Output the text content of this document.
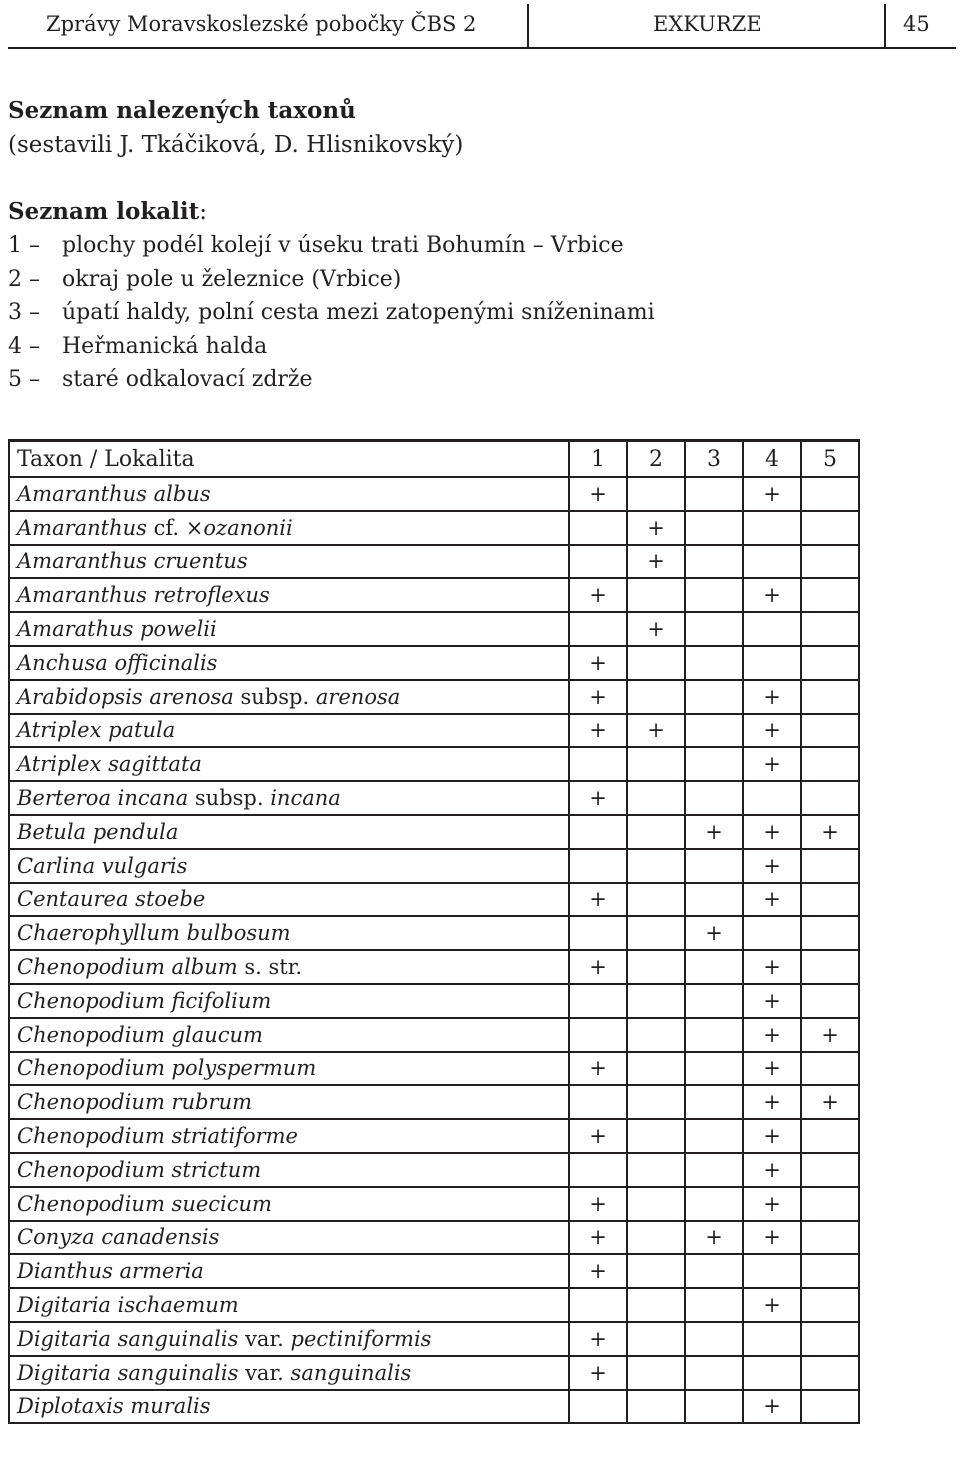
Zprávy Moravskoslezské pobočky ČBS 2	EXKURZE	45
Seznam nalezených taxonů
(sestavili J. Tkáčiková, D. Hlisnikovský)
Seznam lokalit:
1 – plochy podél kolejí v úseku trati Bohumín – Vrbice
2 – okraj pole u železnice (Vrbice)
3 – úpatí haldy, polní cesta mezi zatopenými sníženinami
4 – Heřmanická halda
5 – staré odkalovací zdrže
Taxon / Lokalita	1	2	3	4	5
Amaranthus albus	+			+	
Amaranthus cf. ×ozanonii		+			
Amaranthus cruentus		+			
Amaranthus retroflexus	+			+	
Amarathus powelii		+			
Anchusa officinalis	+				
Arabidopsis arenosa subsp. arenosa	+			+	
Atriplex patula	+	+		+	
Atriplex sagittata				+	
Berteroa incana subsp. incana	+				
Betula pendula			+	+	+
Carlina vulgaris				+	
Centaurea stoebe	+			+	
Chaerophyllum bulbosum			+		
Chenopodium album s. str.	+			+	
Chenopodium ficifolium				+	
Chenopodium glaucum				+	+
Chenopodium polyspermum	+			+	
Chenopodium rubrum				+	+
Chenopodium striatiforme	+			+	
Chenopodium strictum				+	
Chenopodium suecicum	+			+	
Conyza canadensis	+		+	+	
Dianthus armeria	+				
Digitaria ischaemum				+	
Digitaria sanguinalis var. pectiniformis	+				
Digitaria sanguinalis var. sanguinalis	+				
Diplotaxis muralis				+	
